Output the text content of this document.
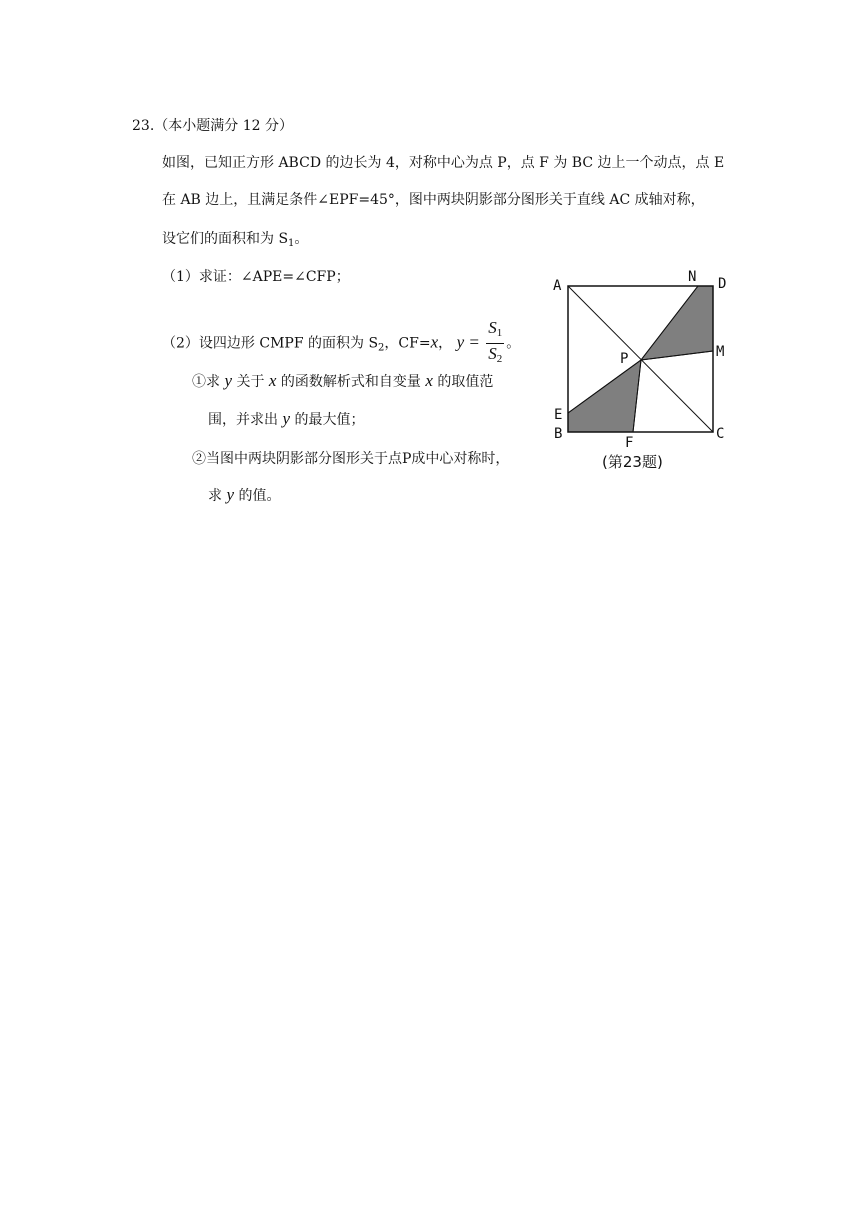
23.（本小题满分 12 分）
如图，已知正方形 ABCD 的边长为 4，对称中心为点 P，点 F 为 BC 边上一个动点，点 E
在 AB 边上，且满足条件∠EPF=45°，图中两块阴影部分图形关于直线 AC 成轴对称，
设它们的面积和为 $S_1$。
（1）求证：∠APE=∠CFP；
（2）设四边形 CMPF 的面积为 $S_2$，CF=x， $y = \frac{S1}{S2}$ 。
①求 y 关于 x 的函数解析式和自变量 x 的取值范
围，并求出 y 的最大值；
②当图中两块阴影部分图形关于点P成中心对称时，
求 y 的值。
A
N D
M
P
E
B
F
C
(第23题)
